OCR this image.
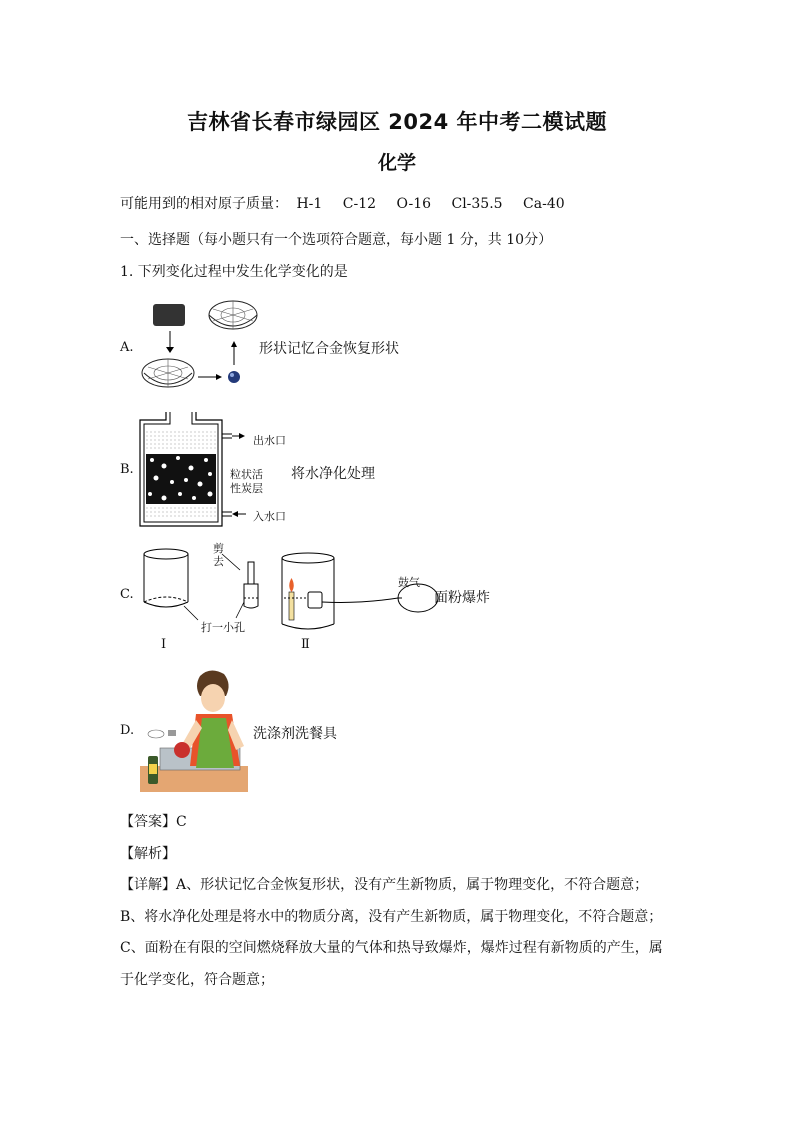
吉林省长春市绿园区 2024 年中考二模试题
化学
可能用到的相对原子质量： H-1 C-12 O-16 Cl-35.5 Ca-40
一、选择题（每小题只有一个选项符合题意，每小题 1 分，共 10分）
1. 下列变化过程中发生化学变化的是
A.	形状记忆合金恢复形状
B.
出水口
粒状活
性炭层
入水口
将水净化处理
C.
剪
去
打一小孔
鼓气
面粉爆炸
Ⅰ	Ⅱ
D.	洗涤剂洗餐具
【答案】C
【解析】
【详解】A、形状记忆合金恢复形状，没有产生新物质，属于物理变化，不符合题意；
B、将水净化处理是将水中的物质分离，没有产生新物质，属于物理变化，不符合题意；
C、面粉在有限的空间燃烧释放大量的气体和热导致爆炸，爆炸过程有新物质的产生，属
于化学变化，符合题意；
